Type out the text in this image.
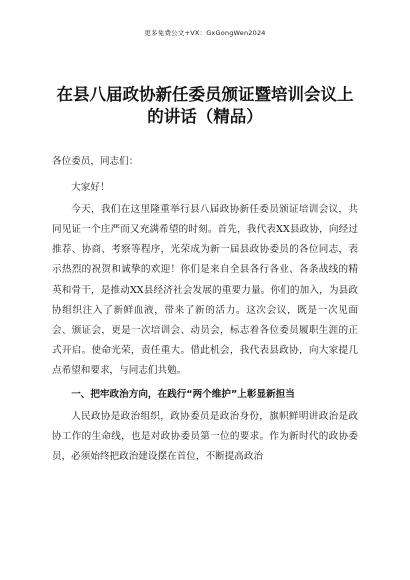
更多免费公文+VX：GxGongWen2024
在县八届政协新任委员颁证暨培训会议上的讲话（精品）

各位委员，同志们：

大家好！

今天，我们在这里隆重举行县八届政协新任委员颁证培训会议，共同见证一个庄严而又充满希望的时刻。首先，我代表XX县政协，向经过推荐、协商、考察等程序，光荣成为新一届县政协委员的各位同志，表示热烈的祝贺和诚挚的欢迎！你们是来自全县各行各业、各条战线的精英和骨干，是推动XX县经济社会发展的重要力量。你们的加入，为县政协组织注入了新鲜血液，带来了新的活力。这次会议，既是一次见面会、颁证会，更是一次培训会、动员会，标志着各位委员履职生涯的正式开启。使命光荣，责任重大。借此机会，我代表县政协，向大家提几点希望和要求，与同志们共勉。

一、把牢政治方向，在践行“两个维护”上彰显新担当

人民政协是政治组织，政协委员是政治身份，旗帜鲜明讲政治是政协工作的生命线，也是对政协委员第一位的要求。作为新时代的政协委员，必须始终把政治建设摆在首位，不断提高政治
